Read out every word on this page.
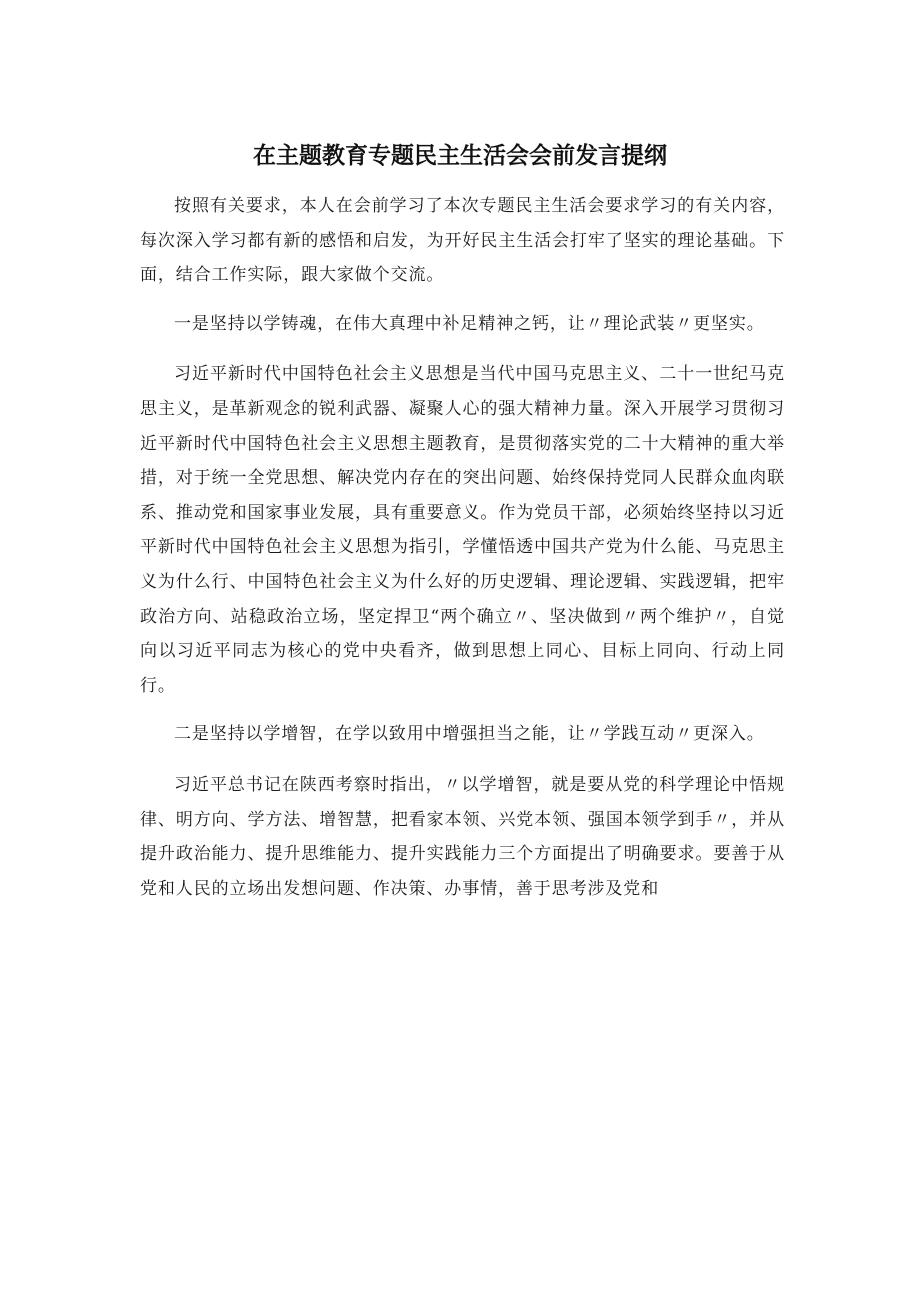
在主题教育专题民主生活会会前发言提纲

按照有关要求，本人在会前学习了本次专题民主生活会要求学习的有关内容，每次深入学习都有新的感悟和启发，为开好民主生活会打牢了坚实的理论基础。下面，结合工作实际，跟大家做个交流。

一是坚持以学铸魂，在伟大真理中补足精神之钙，让〃理论武装〃更坚实。

习近平新时代中国特色社会主义思想是当代中国马克思主义、二十一世纪马克思主义，是革新观念的锐利武器、凝聚人心的强大精神力量。深入开展学习贯彻习近平新时代中国特色社会主义思想主题教育，是贯彻落实党的二十大精神的重大举措，对于统一全党思想、解决党内存在的突出问题、始终保持党同人民群众血肉联系、推动党和国家事业发展，具有重要意义。作为党员干部，必须始终坚持以习近平新时代中国特色社会主义思想为指引，学懂悟透中国共产党为什么能、马克思主义为什么行、中国特色社会主义为什么好的历史逻辑、理论逻辑、实践逻辑，把牢政治方向、站稳政治立场，坚定捍卫“两个确立〃、坚决做到〃两个维护〃，自觉向以习近平同志为核心的党中央看齐，做到思想上同心、目标上同向、行动上同行。

二是坚持以学增智，在学以致用中增强担当之能，让〃学践互动〃更深入。

习近平总书记在陕西考察时指出，〃以学增智，就是要从党的科学理论中悟规律、明方向、学方法、增智慧，把看家本领、兴党本领、强国本领学到手〃，并从提升政治能力、提升思维能力、提升实践能力三个方面提出了明确要求。要善于从党和人民的立场出发想问题、作决策、办事情，善于思考涉及党和
